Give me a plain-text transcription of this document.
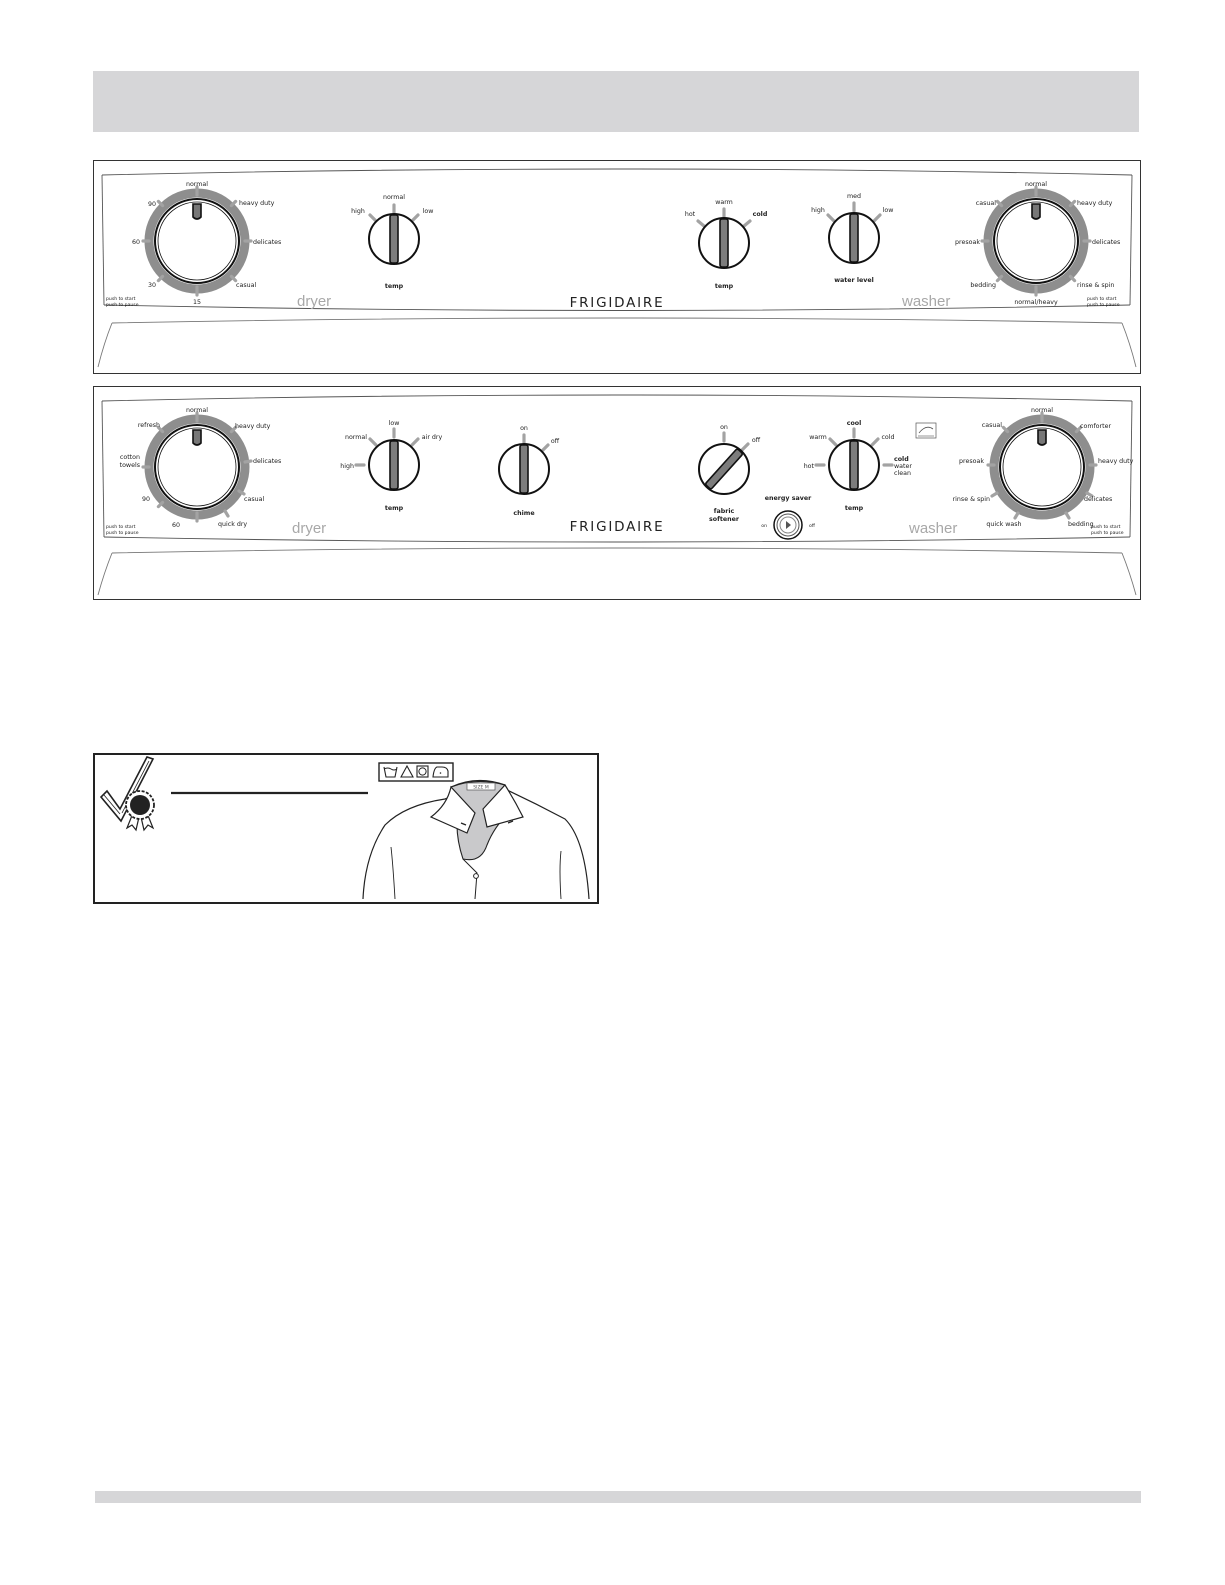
normal
90
60
30
15
casual
delicates
heavy duty
push to start
push to pause	dryer
high
normal
low
temp
FRIGIDAIRE
hot
warm
cold
temp
high
med
low
water level
normal
casual
presoak
bedding
normal/heavy
rinse & spin
delicates
heavy duty
push to start
push to pause
washer
normal
refresh
cotton
towels
90
60	quick dry
casual
delicates
heavy duty
push to start
push to pause	dryer
high
normal
low
air dry
temp
on
off
chime
FRIGIDAIRE
on
off
fabric
softener
energy saver
on	off
hot
warm
cool
cold
cold
water
clean
temp
normal
casual
presoak
rinse & spin
quick wash	bedding
delicates
heavy duty
comforter
push to start
push to pause
washer
SIZE M
